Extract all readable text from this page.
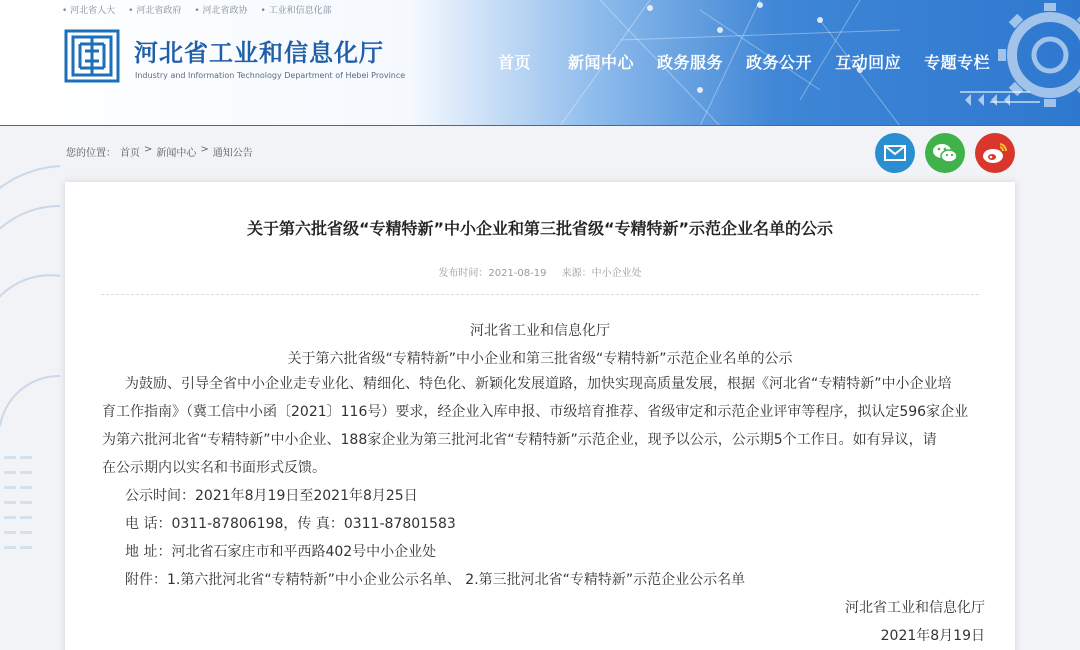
• 河北省人大 • 河北省政府 • 河北省政协 • 工业和信息化部
河北省工业和信息化厅
Industry and Information Technology Department of Hebei Province
首页 新闻中心 政务服务 政务公开 互动回应 专题专栏
您的位置： 首页 > 新闻中心 > 通知公告
关于第六批省级“专精特新”中小企业和第三批省级“专精特新”示范企业名单的公示
发布时间：2021-08-19 来源：中小企业处
河北省工业和信息化厅
关于第六批省级“专精特新”中小企业和第三批省级“专精特新”示范企业名单的公示
为鼓励、引导全省中小企业走专业化、精细化、特色化、新颖化发展道路，加快实现高质量发展，根据《河北省“专精特新”中小企业培
育工作指南》（冀工信中小函〔2021〕116号）要求，经企业入库申报、市级培育推荐、省级审定和示范企业评审等程序，拟认定596家企业
为第六批河北省“专精特新”中小企业、188家企业为第三批河北省“专精特新”示范企业，现予以公示，公示期5个工作日。如有异议，请
在公示期内以实名和书面形式反馈。
公示时间：2021年8月19日至2021年8月25日
电 话：0311-87806198，传 真：0311-87801583
地 址：河北省石家庄市和平西路402号中小企业处
附件：1.第六批河北省“专精特新”中小企业公示名单、 2.第三批河北省“专精特新”示范企业公示名单
河北省工业和信息化厅
2021年8月19日
